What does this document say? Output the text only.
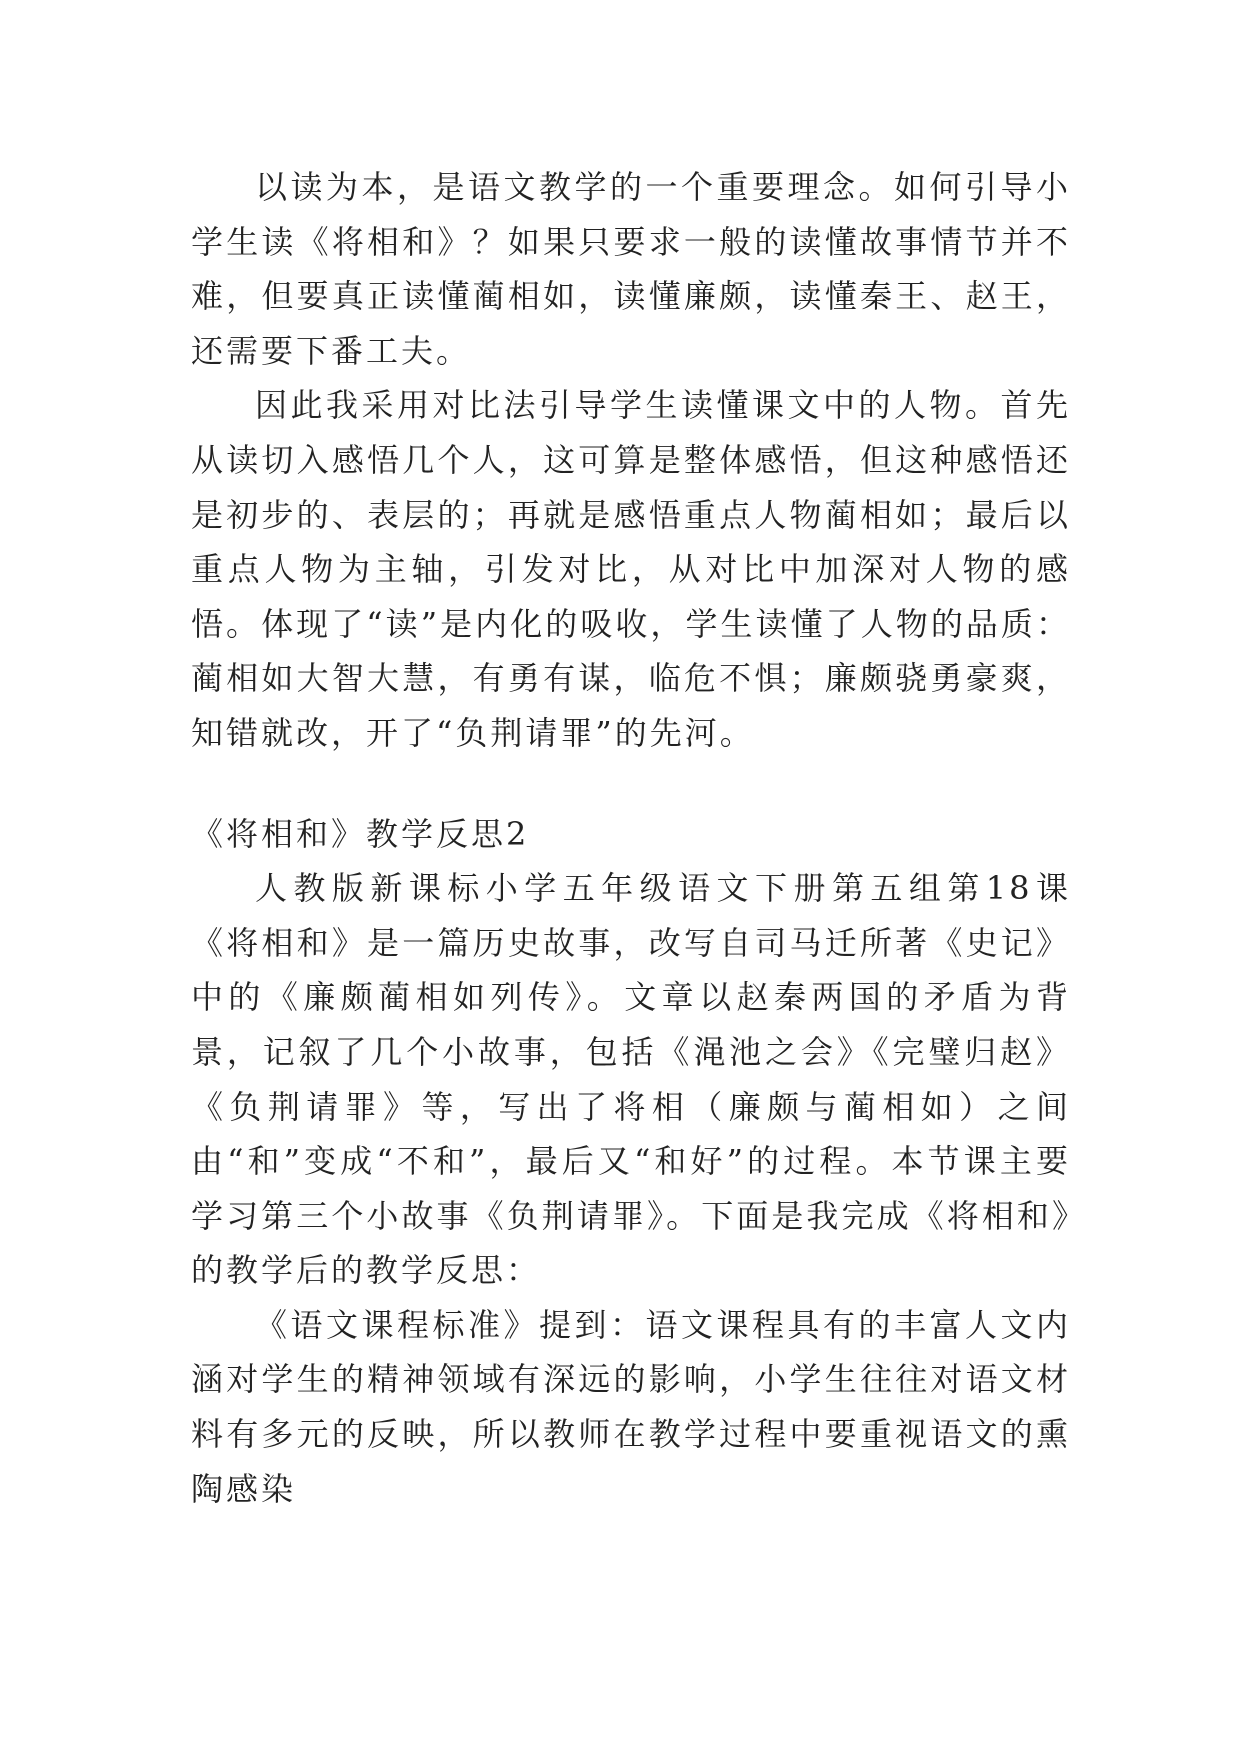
以读为本，是语文教学的一个重要理念。如何引导小学生读《将相和》？如果只要求一般的读懂故事情节并不难，但要真正读懂蔺相如，读懂廉颇，读懂秦王、赵王，还需要下番工夫。

因此我采用对比法引导学生读懂课文中的人物。首先从读切入感悟几个人，这可算是整体感悟，但这种感悟还是初步的、表层的；再就是感悟重点人物蔺相如；最后以重点人物为主轴，引发对比，从对比中加深对人物的感悟。体现了“读”是内化的吸收，学生读懂了人物的品质：蔺相如大智大慧，有勇有谋，临危不惧；廉颇骁勇豪爽，知错就改，开了“负荆请罪”的先河。

《将相和》教学反思2

人教版新课标小学五年级语文下册第五组第18课《将相和》是一篇历史故事，改写自司马迁所著《史记》中的《廉颇蔺相如列传》。文章以赵秦两国的矛盾为背景，记叙了几个小故事，包括《渑池之会》《完璧归赵》《负荆请罪》等，写出了将相（廉颇与蔺相如）之间由“和”变成“不和”，最后又“和好”的过程。本节课主要学习第三个小故事《负荆请罪》。下面是我完成《将相和》的教学后的教学反思：

《语文课程标准》提到：语文课程具有的丰富人文内涵对学生的精神领域有深远的影响，小学生往往对语文材料有多元的反映，所以教师在教学过程中要重视语文的熏陶感染
